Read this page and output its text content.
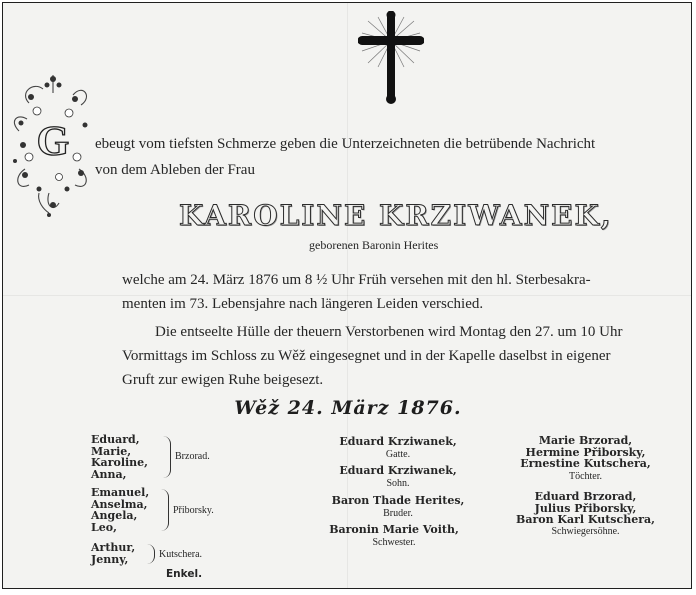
G ebeugt vom tiefsten Schmerze geben die Unterzeichneten die betrübende Nachricht
von dem Ableben der Frau
KAROLINE KRZIWANEK,
geborenen Baronin Herites
welche am 24. März 1876 um 8 ½ Uhr Früh versehen mit den hl. Sterbesakra-
menten im 73. Lebensjahre nach längeren Leiden verschied.
Die entseelte Hülle der theuern Verstorbenen wird Montag den 27. um 10 Uhr
Vormittags im Schloss zu Wěž eingesegnet und in der Kapelle daselbst in eigener
Gruft zur ewigen Ruhe beigesezt.
Wěž 24. März 1876.
Eduard,
Marie,
Karoline,
Anna,
Brzorad.
Emanuel,
Anselma,
Angela,
Leo,
Přiborsky.
Arthur,
Jenny,	Kutschera.
Enkel.
Eduard Krziwanek,
Gatte.
Eduard Krziwanek,
Sohn.
Baron Thade Herites,
Bruder.
Baronin Marie Voith,
Schwester.
Marie Brzorad,
Hermine Přiborsky,
Ernestine Kutschera,
Töchter.
Eduard Brzorad,
Julius Přiborsky,
Baron Karl Kutschera,
Schwiegersöhne.
